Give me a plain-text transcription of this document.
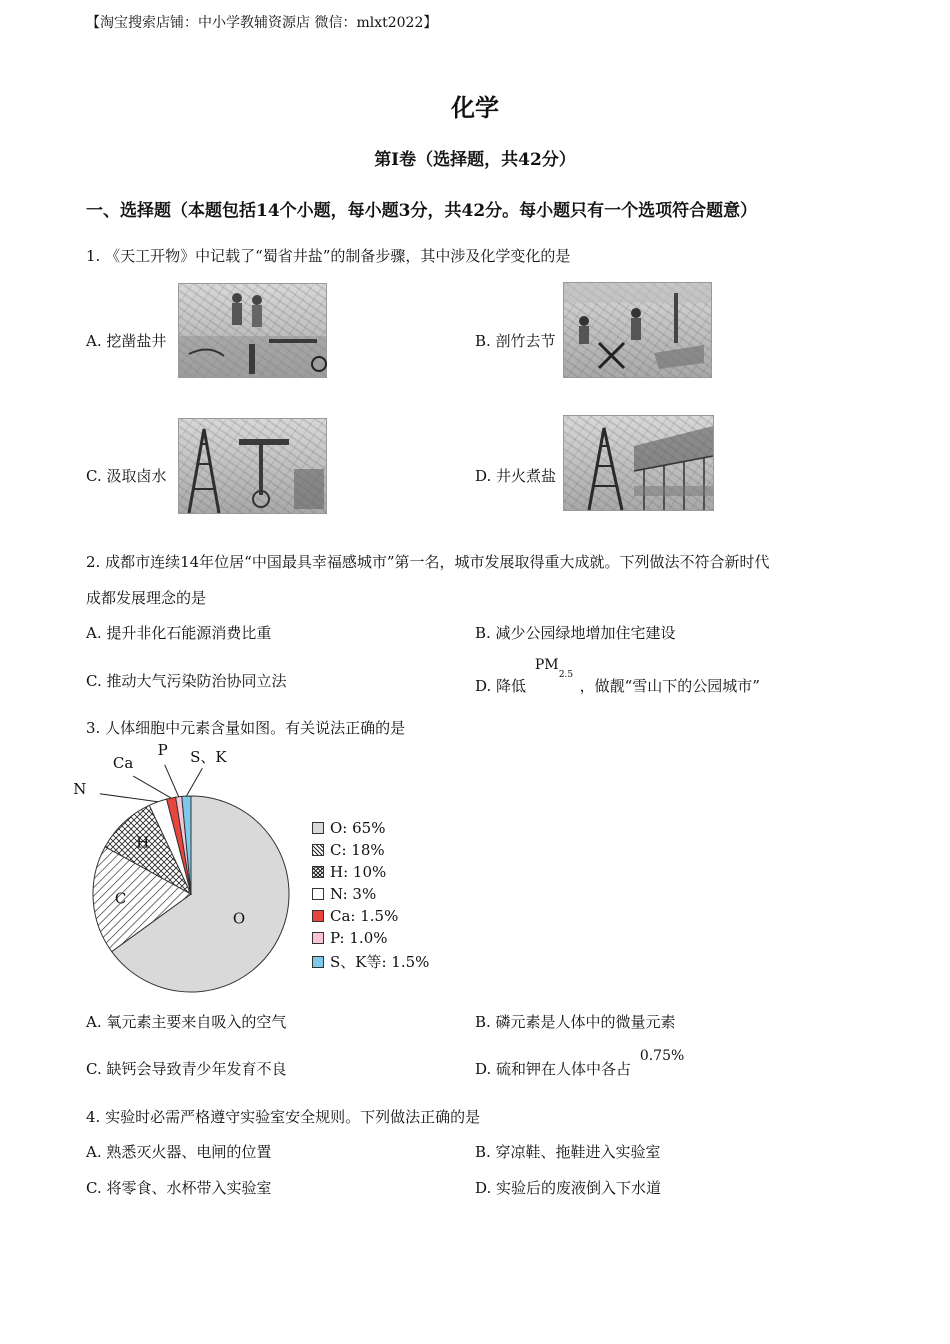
【淘宝搜索店铺：中小学教辅资源店 微信：mlxt2022】
化学
第I卷（选择题，共42分）
一、选择题（本题包括14个小题，每小题3分，共42分。每小题只有一个选项符合题意）
1. 《天工开物》中记载了“蜀省井盐”的制备步骤，其中涉及化学变化的是
A. 挖凿盐井	B. 剖竹去节
C. 汲取卤水	D. 井火煮盐
2. 成都市连续14年位居“中国最具幸福感城市”第一名，城市发展取得重大成就。下列做法不符合新时代
成都发展理念的是
A. 提升非化石能源消费比重	B. 减少公园绿地增加住宅建设
C. 推动大气污染防治协同立法	D. 降低
PM
2.5
，做靓“雪山下的公园城市”
3. 人体细胞中元素含量如图。有关说法正确的是
O
C
H
N
Ca
P S、K
O: 65%
C: 18%
H: 10%
N: 3%
Ca: 1.5%
P: 1.0%
S、K等: 1.5%
A. 氧元素主要来自吸入的空气	B. 磷元素是人体中的微量元素
C. 缺钙会导致青少年发育不良	D. 硫和钾在人体中各占 0.75%
4. 实验时必需严格遵守实验室安全规则。下列做法正确的是
A. 熟悉灭火器、电闸的位置	B. 穿凉鞋、拖鞋进入实验室
C. 将零食、水杯带入实验室	D. 实验后的废液倒入下水道
